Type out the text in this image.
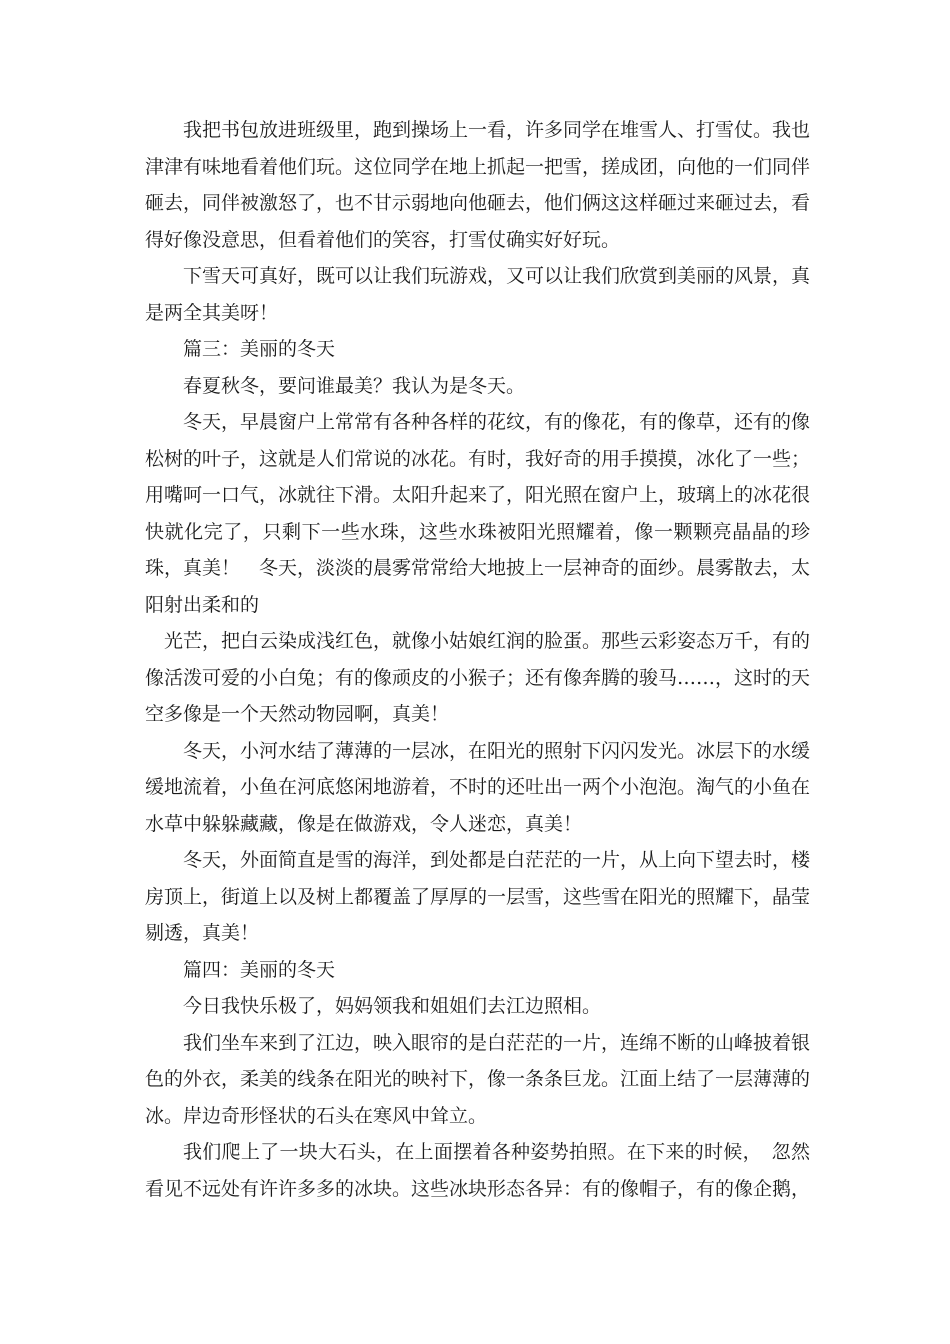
我把书包放进班级里，跑到操场上一看，许多同学在堆雪人、打雪仗。我也津津有味地看着他们玩。这位同学在地上抓起一把雪，搓成团，向他的一们同伴砸去，同伴被激怒了，也不甘示弱地向他砸去，他们俩这这样砸过来砸过去，看得好像没意思，但看着他们的笑容，打雪仗确实好好玩。

下雪天可真好，既可以让我们玩游戏，又可以让我们欣赏到美丽的风景，真是两全其美呀！

篇三：美丽的冬天

春夏秋冬，要问谁最美？我认为是冬天。

冬天，早晨窗户上常常有各种各样的花纹，有的像花，有的像草，还有的像松树的叶子，这就是人们常说的冰花。有时，我好奇的用手摸摸，冰化了一些；用嘴呵一口气，冰就往下滑。太阳升起来了，阳光照在窗户上，玻璃上的冰花很快就化完了，只剩下一些水珠，这些水珠被阳光照耀着，像一颗颗亮晶晶的珍珠，真美！　冬天，淡淡的晨雾常常给大地披上一层神奇的面纱。晨雾散去，太阳射出柔和的

光芒，把白云染成浅红色，就像小姑娘红润的脸蛋。那些云彩姿态万千，有的像活泼可爱的小白兔；有的像顽皮的小猴子；还有像奔腾的骏马……，这时的天空多像是一个天然动物园啊，真美！

冬天，小河水结了薄薄的一层冰，在阳光的照射下闪闪发光。冰层下的水缓缓地流着，小鱼在河底悠闲地游着，不时的还吐出一两个小泡泡。淘气的小鱼在水草中躲躲藏藏，像是在做游戏，令人迷恋，真美！

冬天，外面简直是雪的海洋，到处都是白茫茫的一片，从上向下望去时，楼房顶上，街道上以及树上都覆盖了厚厚的一层雪，这些雪在阳光的照耀下，晶莹剔透，真美！

篇四：美丽的冬天

今日我快乐极了，妈妈领我和姐姐们去江边照相。

我们坐车来到了江边，映入眼帘的是白茫茫的一片，连绵不断的山峰披着银色的外衣，柔美的线条在阳光的映衬下，像一条条巨龙。江面上结了一层薄薄的冰。岸边奇形怪状的石头在寒风中耸立。

我们爬上了一块大石头，在上面摆着各种姿势拍照。在下来的时候，　忽然看见不远处有许许多多的冰块。这些冰块形态各异：有的像帽子，有的像企鹅，
